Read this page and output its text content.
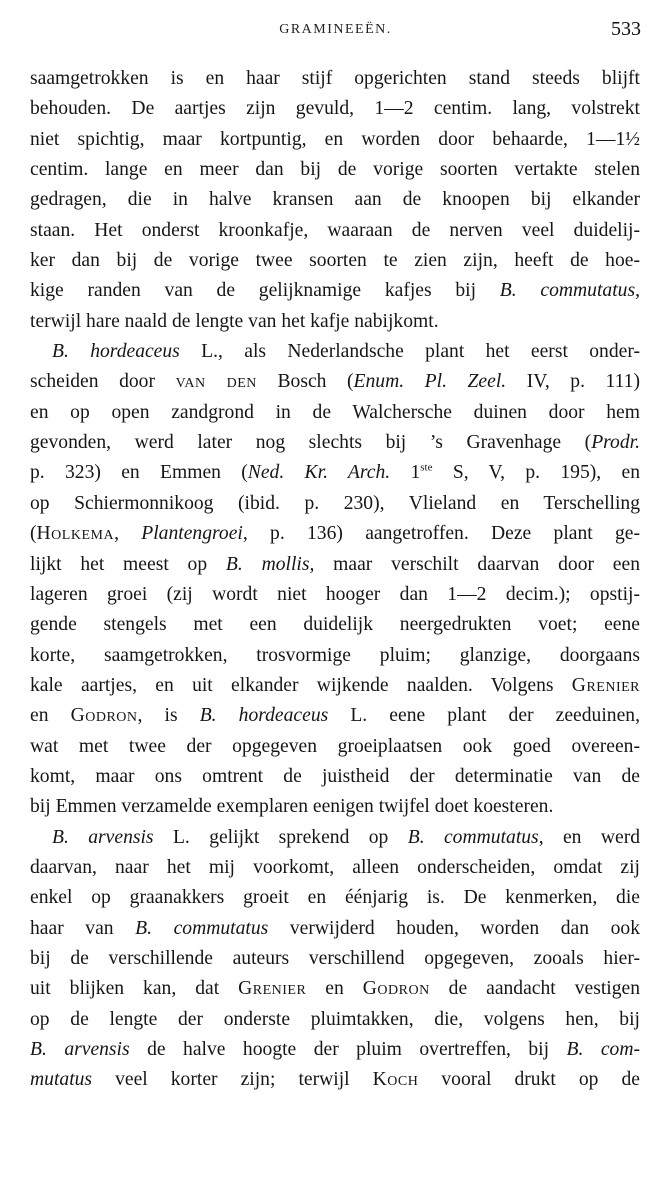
GRAMINEEËN.	533
saamgetrokken is en haar stijf opgerichten stand steeds blijft
behouden. De aartjes zijn gevuld, 1—2 centim. lang, volstrekt
niet spichtig, maar kortpuntig, en worden door behaarde, 1—1½
centim. lange en meer dan bij de vorige soorten vertakte stelen
gedragen, die in halve kransen aan de knoopen bij elkander
staan. Het onderst kroonkafje, waaraan de nerven veel duidelij-
ker dan bij de vorige twee soorten te zien zijn, heeft de hoe-
kige randen van de gelijknamige kafjes bij B. commutatus,
terwijl hare naald de lengte van het kafje nabijkomt.
B. hordeaceus L., als Nederlandsche plant het eerst onder-
scheiden door van den Bosch (Enum. Pl. Zeel. IV, p. 111)
en op open zandgrond in de Walchersche duinen door hem
gevonden, werd later nog slechts bij ’s Gravenhage (Prodr.
p. 323) en Emmen (Ned. Kr. Arch. 1ste S, V, p. 195), en
op Schiermonnikoog (ibid. p. 230), Vlieland en Terschelling
(Holkema, Plantengroei, p. 136) aangetroffen. Deze plant ge-
lijkt het meest op B. mollis, maar verschilt daarvan door een
lageren groei (zij wordt niet hooger dan 1—2 decim.); opstij-
gende stengels met een duidelijk neergedrukten voet; eene
korte, saamgetrokken, trosvormige pluim; glanzige, doorgaans
kale aartjes, en uit elkander wijkende naalden. Volgens Grenier
en Godron, is B. hordeaceus L. eene plant der zeeduinen,
wat met twee der opgegeven groeiplaatsen ook goed overeen-
komt, maar ons omtrent de juistheid der determinatie van de
bij Emmen verzamelde exemplaren eenigen twijfel doet koesteren.
B. arvensis L. gelijkt sprekend op B. commutatus, en werd
daarvan, naar het mij voorkomt, alleen onderscheiden, omdat zij
enkel op graanakkers groeit en éénjarig is. De kenmerken, die
haar van B. commutatus verwijderd houden, worden dan ook
bij de verschillende auteurs verschillend opgegeven, zooals hier-
uit blijken kan, dat Grenier en Godron de aandacht vestigen
op de lengte der onderste pluimtakken, die, volgens hen, bij
B. arvensis de halve hoogte der pluim overtreffen, bij B. com-
mutatus veel korter zijn; terwijl Koch vooral drukt op de
